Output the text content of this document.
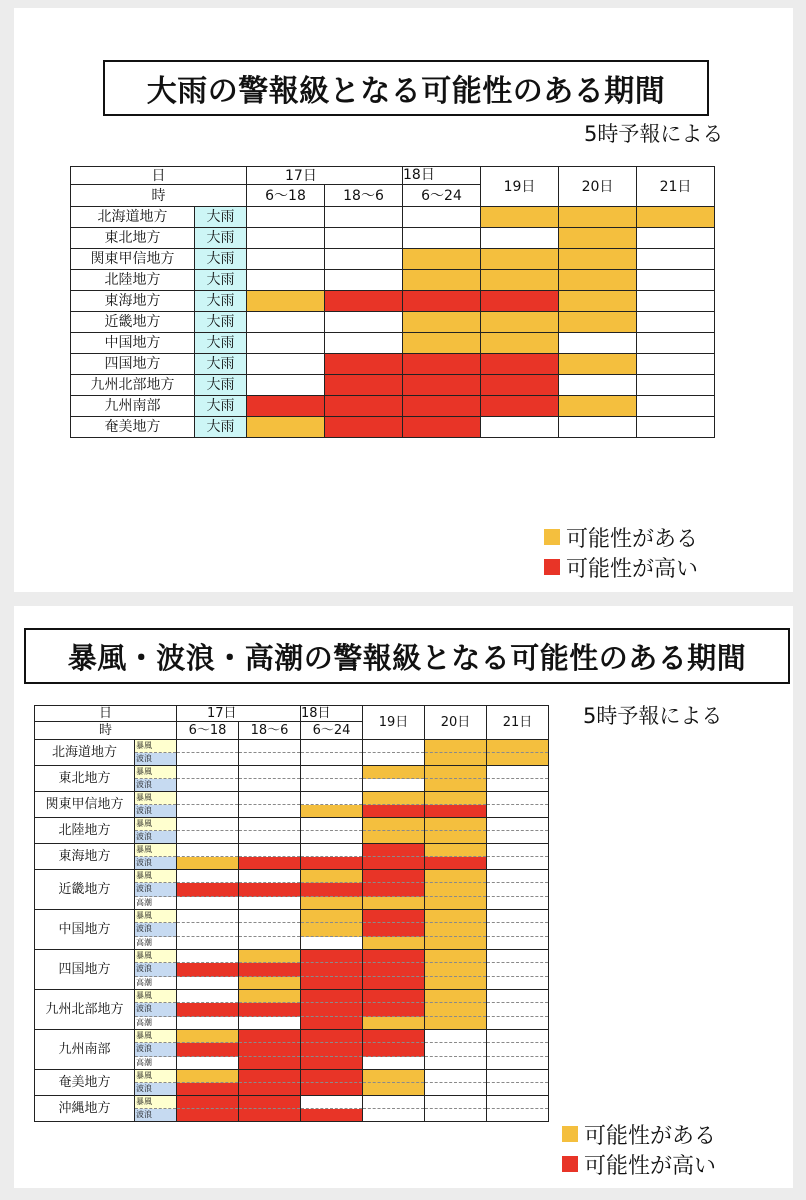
大雨の警報級となる可能性のある期間
5時予報による
日		17日		18日	19日	20日	21日
時		6〜18	18〜6	6〜24			
北海道地方	大雨						
東北地方	大雨						
関東甲信地方	大雨						
北陸地方	大雨						
東海地方	大雨						
近畿地方	大雨						
中国地方	大雨						
四国地方	大雨						
九州北部地方	大雨						
九州南部	大雨						
奄美地方	大雨						
可能性がある
可能性が高い
暴風・波浪・高潮の警報級となる可能性のある期間
5時予報による
日		17日		18日	19日	20日	21日
時		6〜18	18〜6	6〜24			
北海道地方	暴風
波浪						

東北地方	暴風
波浪						

関東甲信地方	暴風
波浪						

北陸地方	暴風
波浪						

東海地方	暴風
波浪						

近畿地方	暴風
波浪
高潮						

中国地方	暴風
波浪
高潮						

四国地方	暴風
波浪
高潮						

九州北部地方	暴風
波浪
高潮						

九州南部	暴風
波浪
高潮						

奄美地方	暴風
波浪						

沖縄地方	暴風
波浪						

可能性がある
可能性が高い
